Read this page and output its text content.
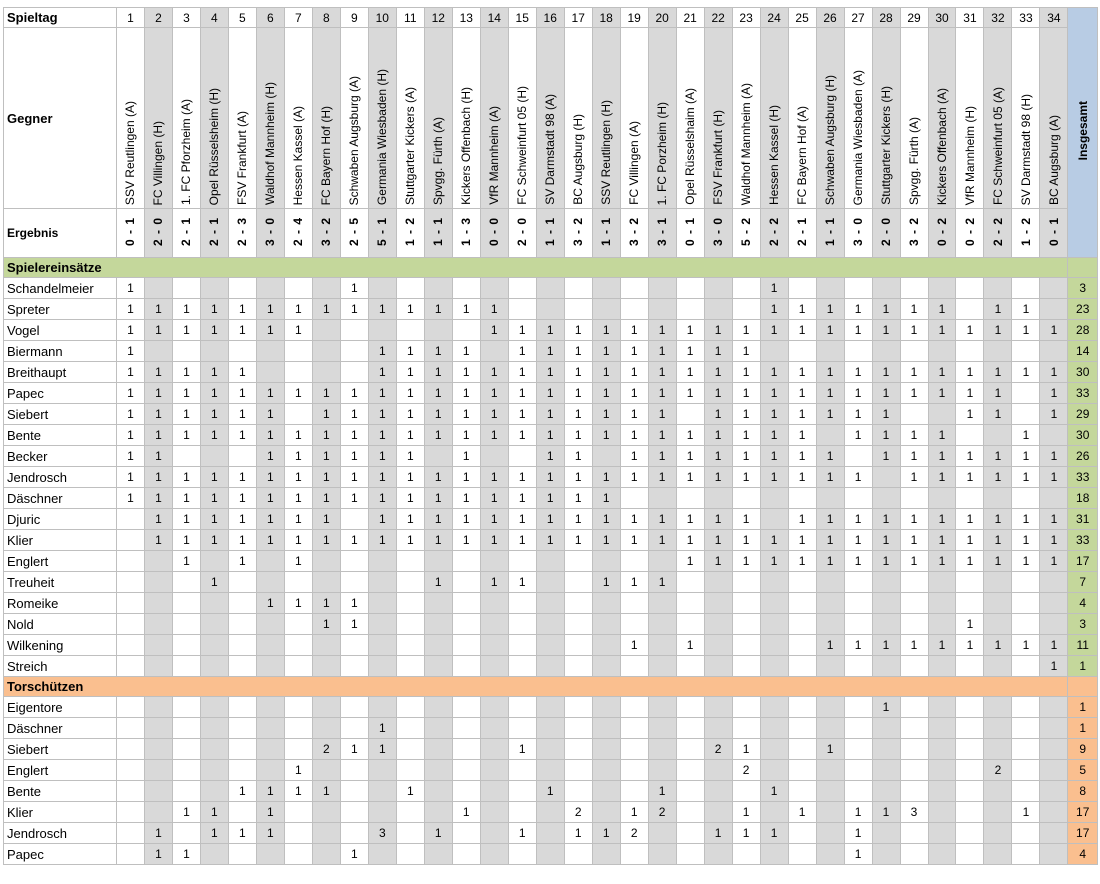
Spieltag	1	2	3	4	5	6	7	8	9	10	11	12	13	14	15	16	17	18	19	20	21	22	23	24	25	26	27	28	29	30	31	32	33	34	Insgesamt
Gegner	SSV Reutlingen (A)	FC Villingen (H)	1. FC Pforzheim (A)	Opel Rüsselsheim (H)	FSV Frankfurt (A)	Waldhof Mannheim (H)	Hessen Kassel (A)	FC Bayern Hof (H)	Schwaben Augsburg (A)	Germania Wiesbaden (H)	Stuttgarter Kickers (A)	Spvgg. Fürth (A)	Kickers Offenbach (H)	VfR Mannheim (A)	FC Schweinfurt 05 (H)	SV Darmstadt 98 (A)	BC Augsburg (H)	SSV Reutlingen (H)	FC Villingen (A)	1. FC Porzheim (H)	Opel Rüsselshaim (A)	FSV Frankfurt (H)	Waldhof Mannheim (A)	Hessen Kassel (H)	FC Bayern Hof (A)	Schwaben Augsburg (H)	Germania Wiesbaden (A)	Stuttgarter Kickers (H)	Spvgg. Fürth (A)	Kickers Offenbach (A)	VfR Mannheim (H)	FC Schweinfurt 05 (A)	SV Darmstadt 98 (H)	BC Augsburg (A)	
Ergebnis	0 - 1	2 - 0	2 - 1	2 - 1	2 - 3	3 - 0	2 - 4	3 - 2	2 - 5	5 - 1	1 - 2	1 - 1	1 - 3	0 - 0	2 - 0	1 - 1	3 - 2	1 - 1	3 - 2	3 - 1	0 - 1	3 - 0	5 - 2	2 - 2	2 - 1	1 - 1	3 - 0	2 - 0	3 - 2	0 - 2	0 - 2	2 - 2	1 - 2	0 - 1	
Spielereinsätze																																			
Schandelmeier	1								1															1											3
Spreter	1	1	1	1	1	1	1	1	1	1	1	1	1	1										1	1	1	1	1	1	1		1	1		23
Vogel	1	1	1	1	1	1	1							1	1	1	1	1	1	1	1	1	1	1	1	1	1	1	1	1	1	1	1	1	28
Biermann	1									1	1	1	1		1	1	1	1	1	1	1	1	1												14
Breithaupt	1	1	1	1	1					1	1	1	1	1	1	1	1	1	1	1	1	1	1	1	1	1	1	1	1	1	1	1	1	1	30
Papec	1	1	1	1	1	1	1	1	1	1	1	1	1	1	1	1	1	1	1	1	1	1	1	1	1	1	1	1	1	1	1	1		1	33
Siebert	1	1	1	1	1	1		1	1	1	1	1	1	1	1	1	1	1	1	1		1	1	1	1	1	1	1			1	1		1	29
Bente	1	1	1	1	1	1	1	1	1	1	1	1	1	1	1	1	1	1	1	1	1	1	1	1	1		1	1	1	1			1		30
Becker	1	1				1	1	1	1	1	1		1			1	1		1	1	1	1	1	1	1	1		1	1	1	1	1	1	1	26
Jendrosch	1	1	1	1	1	1	1	1	1	1	1	1	1	1	1	1	1	1	1	1	1	1	1	1	1	1	1		1	1	1	1	1	1	33
Däschner	1	1	1	1	1	1	1	1	1	1	1	1	1	1	1	1	1	1																	18
Djuric		1	1	1	1	1	1	1		1	1	1	1	1	1	1	1	1	1	1	1	1	1		1	1	1	1	1	1	1	1	1	1	31
Klier		1	1	1	1	1	1	1	1	1	1	1	1	1	1	1	1	1	1	1	1	1	1	1	1	1	1	1	1	1	1	1	1	1	33
Englert			1		1		1														1	1	1	1	1	1	1	1	1	1	1	1	1	1	17
Treuheit				1								1		1	1			1	1	1															7
Romeike						1	1	1	1																										4
Nold								1	1																						1				3
Wilkening																			1		1					1	1	1	1	1	1	1	1	1	11
Streich																																		1	1
Torschützen																																			
Eigentore																												1							1
Däschner										1																									1
Siebert								2	1	1					1							2	1			1									9
Englert							1																2									2			5
Bente					1	1	1	1			1					1				1				1											8
Klier			1	1		1							1				2		1	2			1		1		1	1	3				1		17
Jendrosch		1		1	1	1				3		1			1		1	1	2			1	1	1			1								17
Papec		1	1						1																		1								4
